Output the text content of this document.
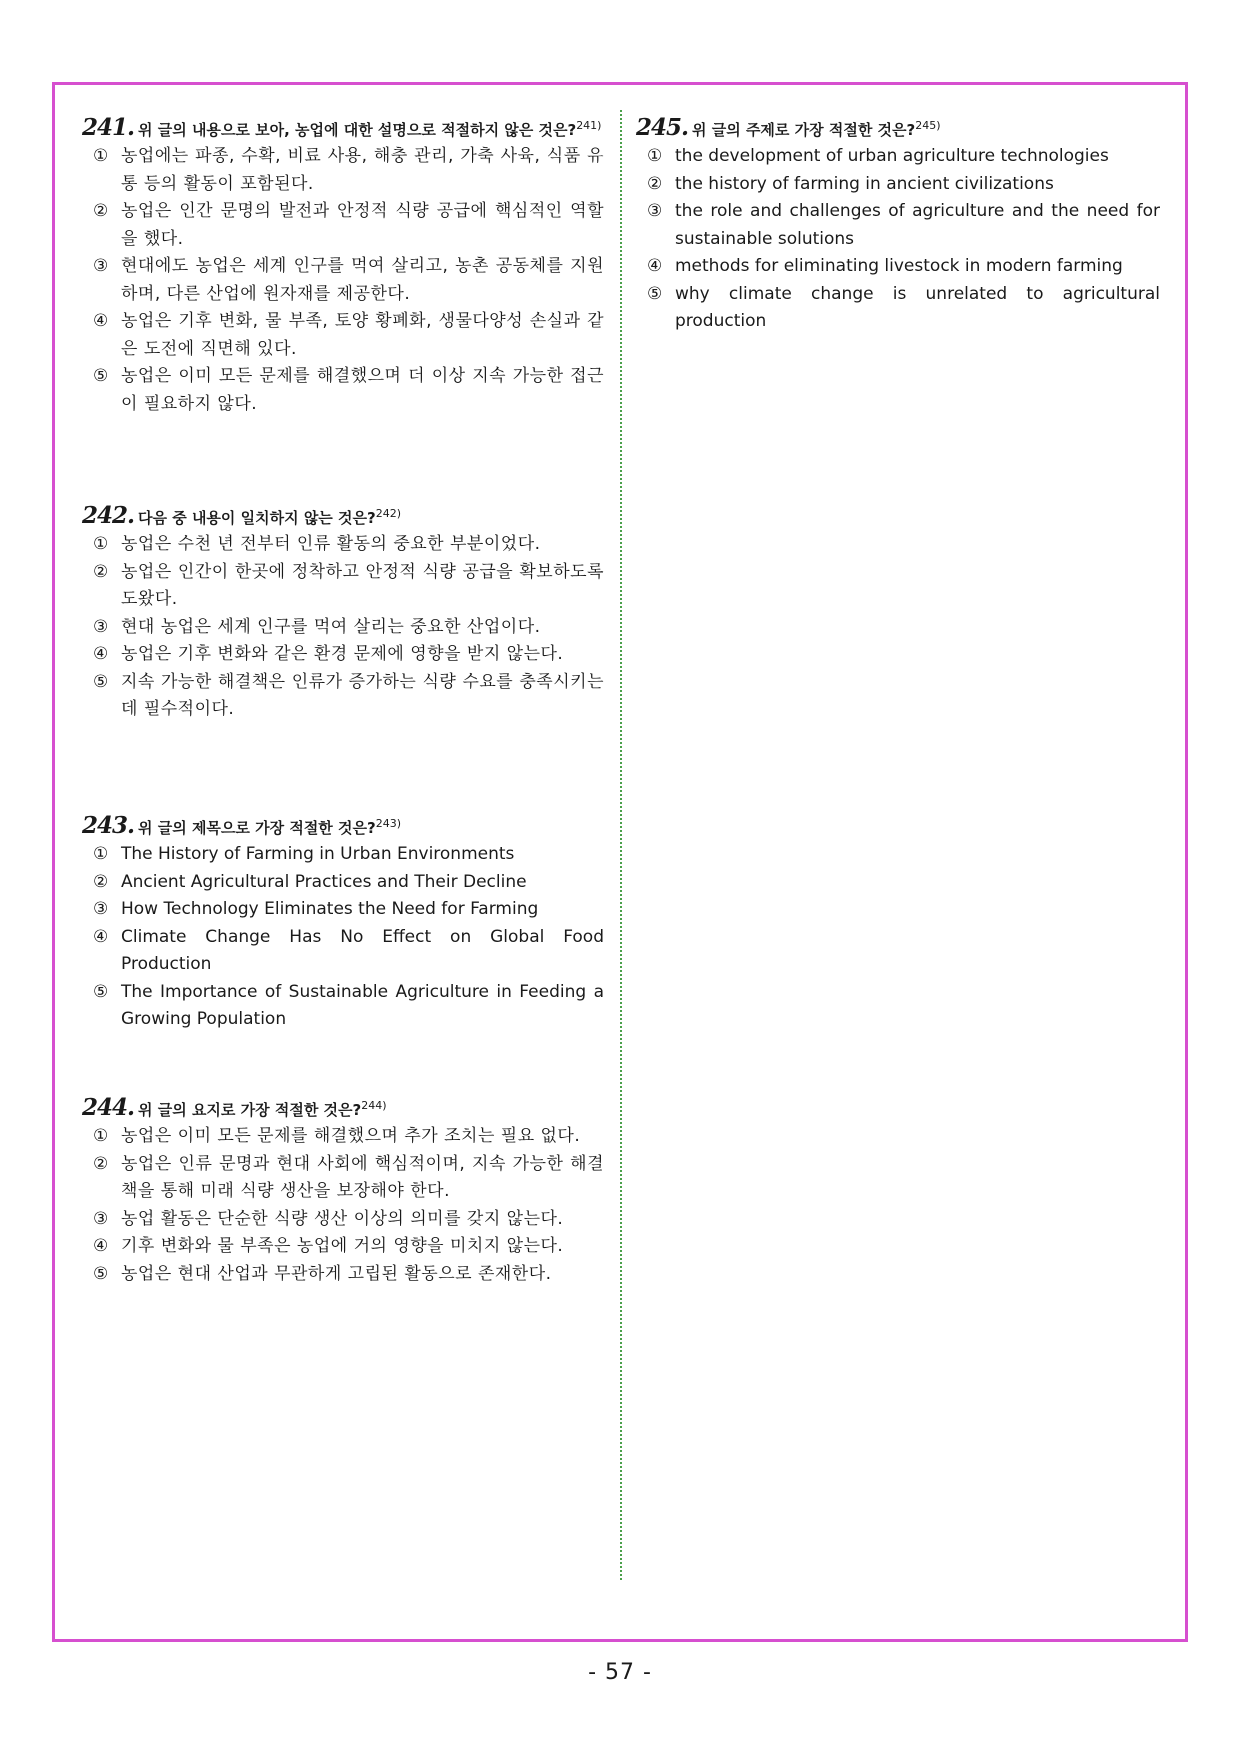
241. 위 글의 내용으로 보아, 농업에 대한 설명으로 적절하지 않은 것은?$^{241)}$
① 농업에는 파종, 수확, 비료 사용, 해충 관리, 가축 사육, 식품 유통 등의 활동이 포함된다.
② 농업은 인간 문명의 발전과 안정적 식량 공급에 핵심적인 역할을 했다.
③ 현대에도 농업은 세계 인구를 먹여 살리고, 농촌 공동체를 지원하며, 다른 산업에 원자재를 제공한다.
④ 농업은 기후 변화, 물 부족, 토양 황폐화, 생물다양성 손실과 같은 도전에 직면해 있다.
⑤ 농업은 이미 모든 문제를 해결했으며 더 이상 지속 가능한 접근이 필요하지 않다.
242. 다음 중 내용이 일치하지 않는 것은?$^{242)}$
① 농업은 수천 년 전부터 인류 활동의 중요한 부분이었다.
② 농업은 인간이 한곳에 정착하고 안정적 식량 공급을 확보하도록 도왔다.
③ 현대 농업은 세계 인구를 먹여 살리는 중요한 산업이다.
④ 농업은 기후 변화와 같은 환경 문제에 영향을 받지 않는다.
⑤ 지속 가능한 해결책은 인류가 증가하는 식량 수요를 충족시키는 데 필수적이다.
243. 위 글의 제목으로 가장 적절한 것은?$^{243)}$
① The History of Farming in Urban Environments
② Ancient Agricultural Practices and Their Decline
③ How Technology Eliminates the Need for Farming
④ Climate Change Has No Effect on Global Food Production
⑤ The Importance of Sustainable Agriculture in Feeding a Growing Population
244. 위 글의 요지로 가장 적절한 것은?$^{244)}$
① 농업은 이미 모든 문제를 해결했으며 추가 조치는 필요 없다.
② 농업은 인류 문명과 현대 사회에 핵심적이며, 지속 가능한 해결책을 통해 미래 식량 생산을 보장해야 한다.
③ 농업 활동은 단순한 식량 생산 이상의 의미를 갖지 않는다.
④ 기후 변화와 물 부족은 농업에 거의 영향을 미치지 않는다.
⑤ 농업은 현대 산업과 무관하게 고립된 활동으로 존재한다.
245. 위 글의 주제로 가장 적절한 것은?$^{245)}$
① the development of urban agriculture technologies
② the history of farming in ancient civilizations
③ the role and challenges of agriculture and the need for sustainable solutions
④ methods for eliminating livestock in modern farming
⑤ why climate change is unrelated to agricultural production
- 57 -
